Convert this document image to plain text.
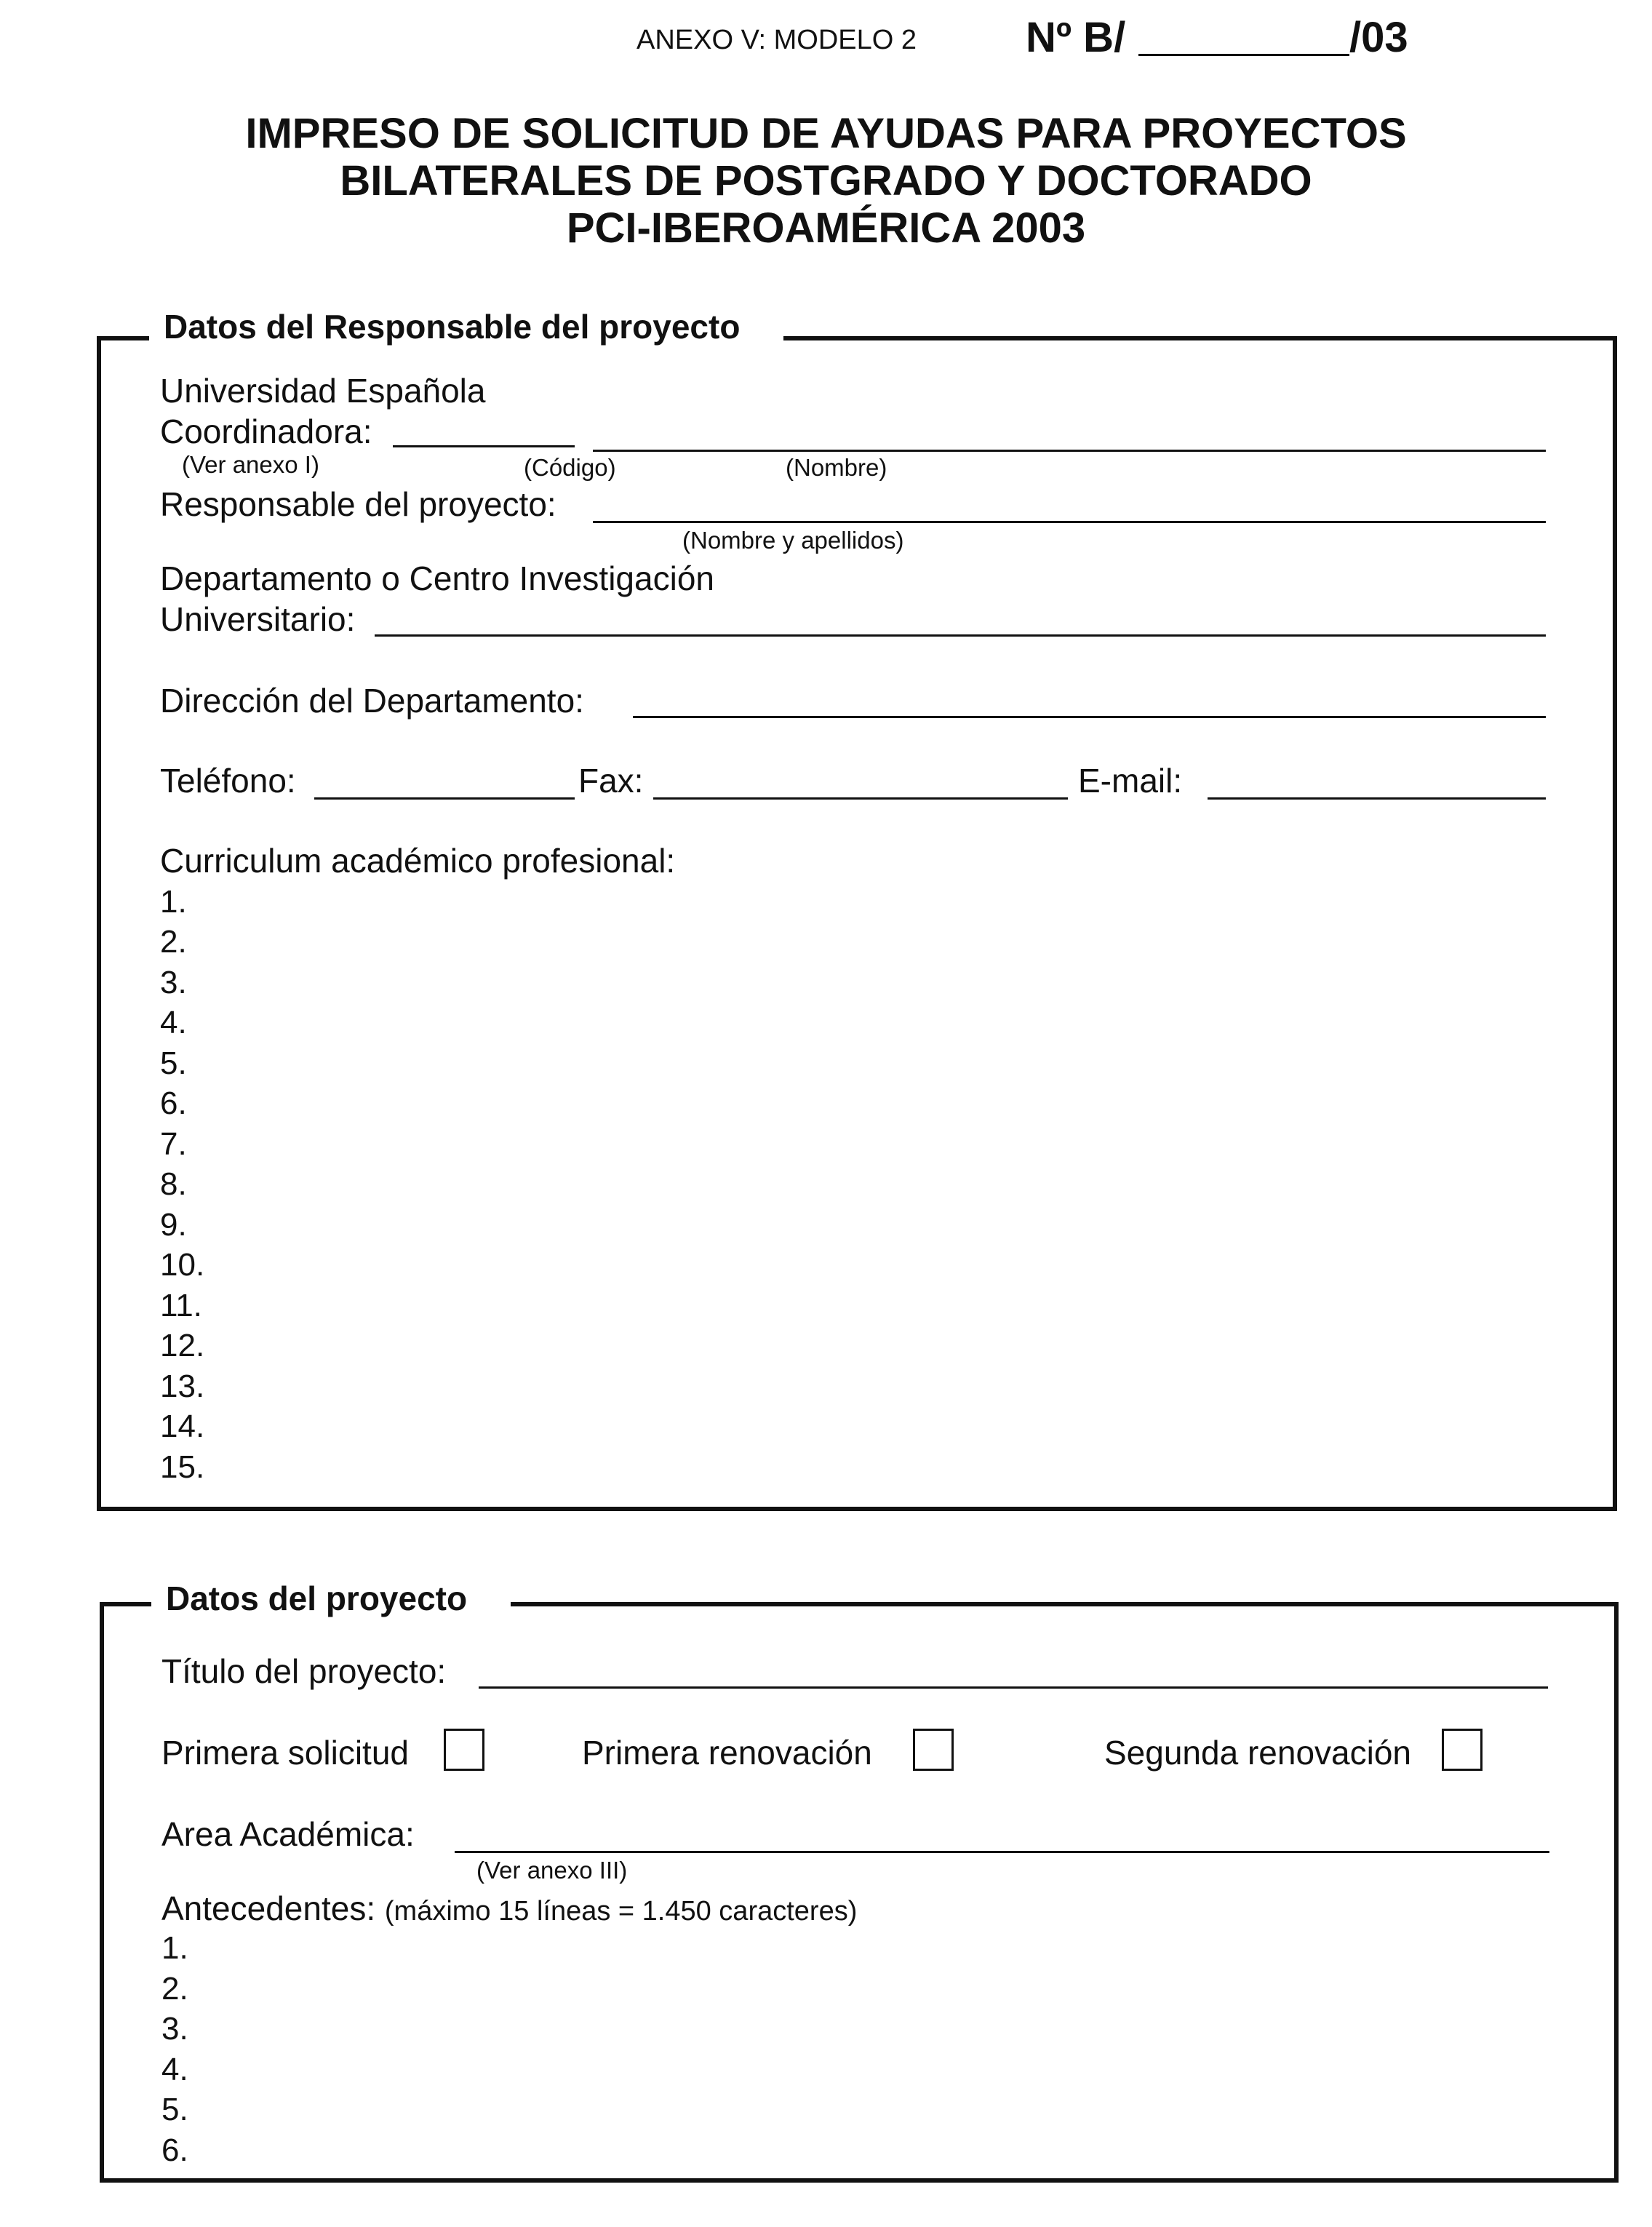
ANEXO V: MODELO 2	Nº B/	/03
IMPRESO DE SOLICITUD DE AYUDAS PARA PROYECTOS
BILATERALES DE POSTGRADO Y DOCTORADO
PCI-IBEROAMÉRICA 2003
Datos del Responsable del proyecto
Universidad Española
Coordinadora:
(Ver anexo I)	(Código)	(Nombre)
Responsable del proyecto:
(Nombre y apellidos)
Departamento o Centro Investigación
Universitario:
Dirección del Departamento:
Teléfono:	Fax:	E-mail:
Curriculum académico profesional:
1.
2.
3.
4.
5.
6.
7.
8.
9.
10.
11.
12.
13.
14.
15.
Datos del proyecto
Título del proyecto:
Primera solicitud	Primera renovación	Segunda renovación
Area Académica:
(Ver anexo III)
Antecedentes: (máximo 15 líneas = 1.450 caracteres)
1.
2.
3.
4.
5.
6.
